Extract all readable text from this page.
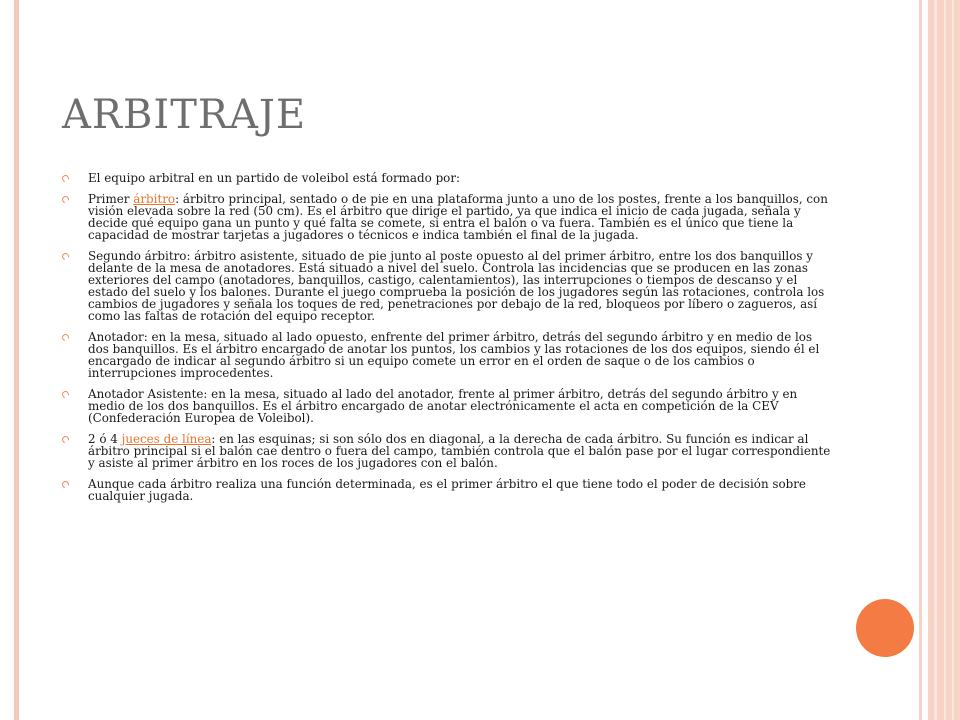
ARBITRAJE
El equipo arbitral en un partido de voleibol está formado por:
Primer árbitro: árbitro principal, sentado o de pie en una plataforma junto a uno de los postes, frente a los banquillos, con visión elevada sobre la red (50 cm). Es el árbitro que dirige el partido, ya que indica el inicio de cada jugada, señala y decide qué equipo gana un punto y qué falta se comete, si entra el balón o va fuera. También es el único que tiene la capacidad de mostrar tarjetas a jugadores o técnicos e indica también el final de la jugada.
Segundo árbitro: árbitro asistente, situado de pie junto al poste opuesto al del primer árbitro, entre los dos banquillos y delante de la mesa de anotadores. Está situado a nivel del suelo. Controla las incidencias que se producen en las zonas exteriores del campo (anotadores, banquillos, castigo, calentamientos), las interrupciones o tiempos de descanso y el estado del suelo y los balones. Durante el juego comprueba la posición de los jugadores según las rotaciones, controla los cambios de jugadores y señala los toques de red, penetraciones por debajo de la red, bloqueos por líbero o zagueros, así como las faltas de rotación del equipo receptor.
Anotador: en la mesa, situado al lado opuesto, enfrente del primer árbitro, detrás del segundo árbitro y en medio de los dos banquillos. Es el árbitro encargado de anotar los puntos, los cambios y las rotaciones de los dos equipos, siendo él el encargado de indicar al segundo árbitro si un equipo comete un error en el orden de saque o de los cambios o interrupciones improcedentes.
Anotador Asistente: en la mesa, situado al lado del anotador, frente al primer árbitro, detrás del segundo árbitro y en medio de los dos banquillos. Es el árbitro encargado de anotar electrónicamente el acta en competición de la CEV (Confederación Europea de Voleibol).
2 ó 4 jueces de línea: en las esquinas; si son sólo dos en diagonal, a la derecha de cada árbitro. Su función es indicar al árbitro principal si el balón cae dentro o fuera del campo, también controla que el balón pase por el lugar correspondiente y asiste al primer árbitro en los roces de los jugadores con el balón.
Aunque cada árbitro realiza una función determinada, es el primer árbitro el que tiene todo el poder de decisión sobre cualquier jugada.
